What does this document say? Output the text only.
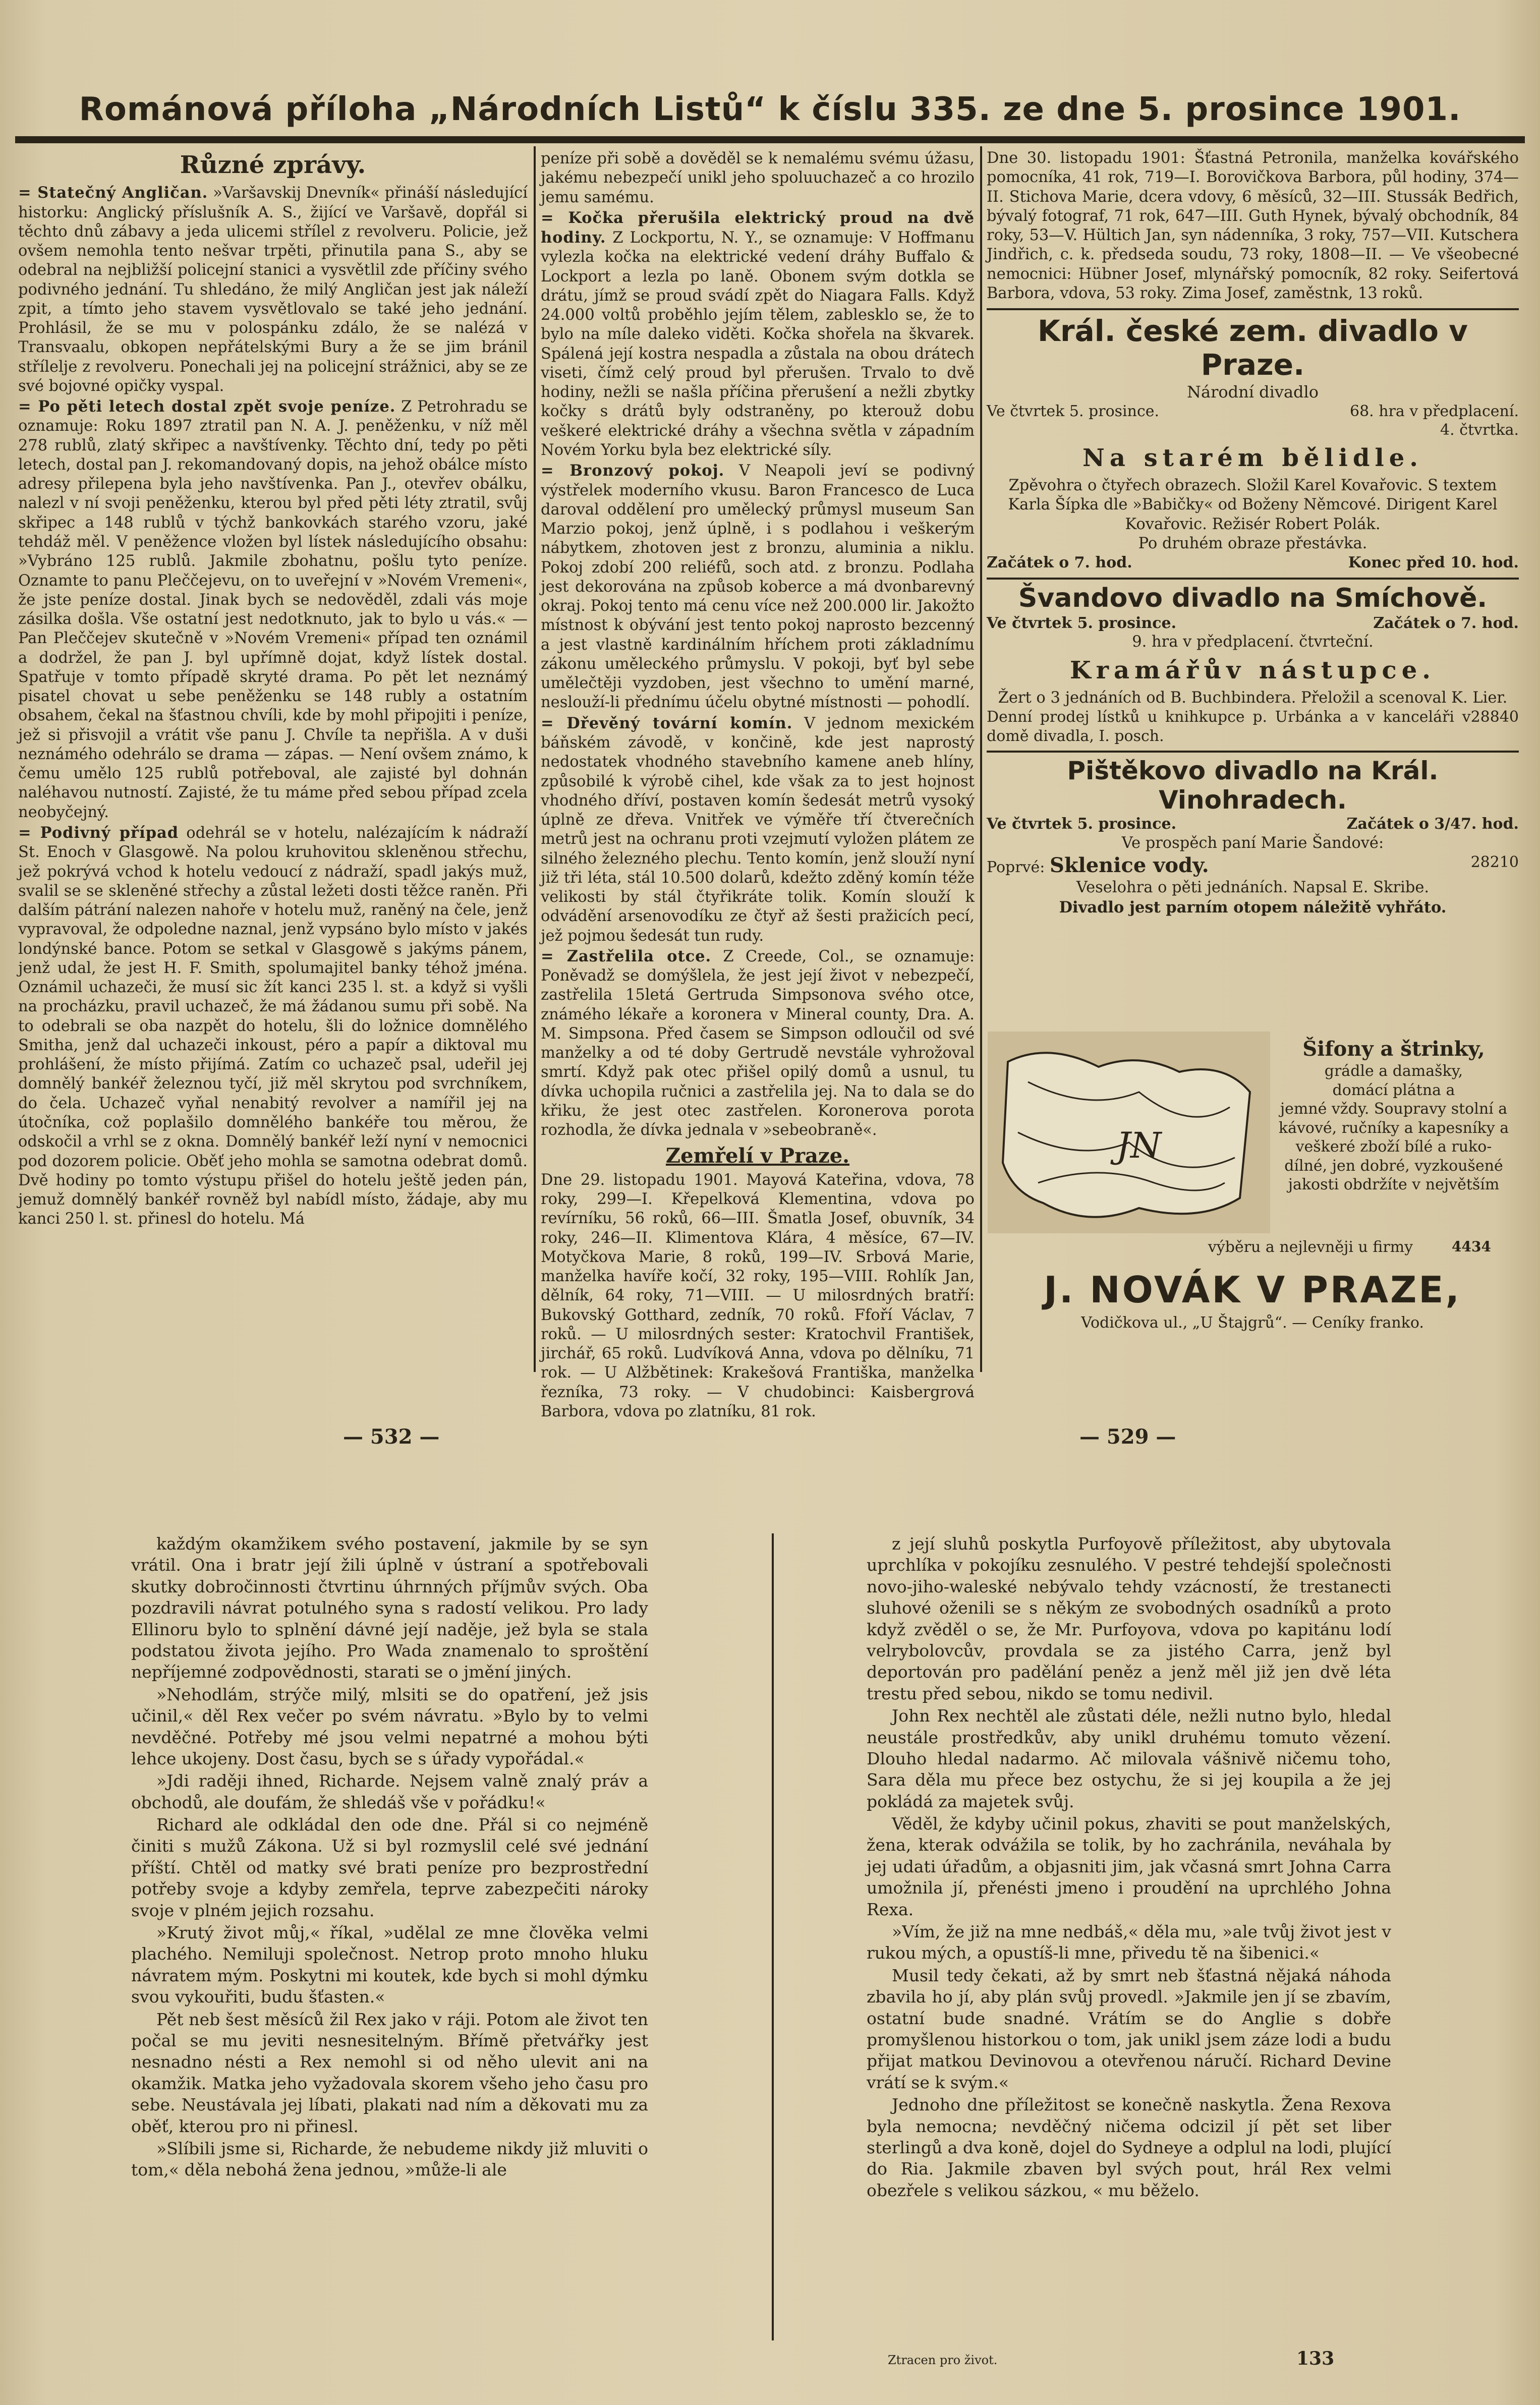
Románová příloha „Národních Listů“ k číslu 335. ze dne 5. prosince 1901.
Různé zprávy.

= Statečný Angličan. »Varšavskij Dnevník« přináší následující historku: Anglický příslušník A. S., žijící ve Varšavě, dopřál si těchto dnů zábavy a jeda ulicemi střílel z revolveru. Policie, jež ovšem nemohla tento nešvar trpěti, přinutila pana S., aby se odebral na nejbližší policejní stanici a vysvětlil zde příčiny svého podivného jednání. Tu shledáno, že milý Angličan jest jak náleží zpit, a tímto jeho stavem vysvětlovalo se také jeho jednání. Prohlásil, že se mu v polospánku zdálo, že se nalézá v Transvaalu, obkopen nepřátelskými Bury a že se jim bránil střílelje z revolveru. Ponechali jej na policejní strážnici, aby se ze své bojovné opičky vyspal.

= Po pěti letech dostal zpět svoje peníze. Z Petrohradu se oznamuje: Roku 1897 ztratil pan N. A. J. peněženku, v níž měl 278 rublů, zlatý skřipec a navštívenky. Těchto dní, tedy po pěti letech, dostal pan J. rekomandovaný dopis, na jehož obálce místo adresy přilepena byla jeho navštívenka. Pan J., otevřev obálku, nalezl v ní svoji peněženku, kterou byl před pěti léty ztratil, svůj skřipec a 148 rublů v týchž bankovkách starého vzoru, jaké tehdáž měl. V peněžence vložen byl lístek následujícího obsahu: »Vybráno 125 rublů. Jakmile zbohatnu, pošlu tyto peníze. Oznamte to panu Pleččejevu, on to uveřejní v »Novém Vremeni«, že jste peníze dostal. Jinak bych se nedověděl, zdali vás moje zásilka došla. Vše ostatní jest nedotknuto, jak to bylo u vás.« — Pan Pleččejev skutečně v »Novém Vremeni« případ ten oznámil a dodržel, že pan J. byl upřímně dojat, když lístek dostal. Spatřuje v tomto případě skryté drama. Po pět let neznámý pisatel chovat u sebe peněženku se 148 rubly a ostatním obsahem, čekal na šťastnou chvíli, kde by mohl připojiti i peníze, jež si přisvojil a vrátit vše panu J. Chvíle ta nepřišla. A v duši neznámého odehrálo se drama — zápas. — Není ovšem známo, k čemu umělo 125 rublů potřeboval, ale zajisté byl dohnán naléhavou nutností. Zajisté, že tu máme před sebou případ zcela neobyčejný.

= Podivný případ odehrál se v hotelu, nalézajícím k nádraží St. Enoch v Glasgowě. Na polou kruhovitou skleněnou střechu, jež pokrývá vchod k hotelu vedoucí z nádraží, spadl jakýs muž, svalil se se skleněné střechy a zůstal ležeti dosti těžce raněn. Při dalším pátrání nalezen nahoře v hotelu muž, raněný na čele, jenž vypravoval, že odpoledne naznal, jenž vypsáno bylo místo v jakés londýnské bance. Potom se setkal v Glasgowě s jakýms pánem, jenž udal, že jest H. F. Smith, spolumajitel banky téhož jména. Oznámil uchazeči, že musí sic žít kanci 235 l. st. a když si vyšli na procházku, pravil uchazeč, že má žádanou sumu při sobě. Na to odebrali se oba nazpět do hotelu, šli do ložnice domnělého Smitha, jenž dal uchazeči inkoust, péro a papír a diktoval mu prohlášení, že místo přijímá. Zatím co uchazeč psal, udeřil jej domnělý bankéř železnou tyčí, již měl skrytou pod svrchníkem, do čela. Uchazeč vyňal nenabitý revolver a namířil jej na útočníka, což poplašilo domnělého bankéře tou měrou, že odskočil a vrhl se z okna. Domnělý bankéř leží nyní v nemocnici pod dozorem policie. Oběť jeho mohla se samotna odebrat domů. Dvě hodiny po tomto výstupu přišel do hotelu ještě jeden pán, jemuž domnělý bankéř rovněž byl nabídl místo, žádaje, aby mu kanci 250 l. st. přinesl do hotelu. Má

peníze při sobě a dověděl se k nemalému svému úžasu, jakému nebezpečí unikl jeho spoluuchazeč a co hrozilo jemu samému.

= Kočka přerušila elektrický proud na dvě hodiny. Z Lockportu, N. Y., se oznamuje: V Hoffmanu vylezla kočka na elektrické vedení dráhy Buffalo & Lockport a lezla po laně. Obonem svým dotkla se drátu, jímž se proud svádí zpět do Niagara Falls. Když 24.000 voltů proběhlo jejím tělem, zablesklo se, že to bylo na míle daleko viděti. Kočka shořela na škvarek. Spálená její kostra nespadla a zůstala na obou drátech viseti, čímž celý proud byl přerušen. Trvalo to dvě hodiny, nežli se našla příčina přerušení a nežli zbytky kočky s drátů byly odstraněny, po kterouž dobu veškeré elektrické dráhy a všechna světla v západním Novém Yorku byla bez elektrické síly.

= Bronzový pokoj. V Neapoli jeví se podivný výstřelek moderního vkusu. Baron Francesco de Luca daroval oddělení pro umělecký průmysl museum San Marzio pokoj, jenž úplně, i s podlahou i veškerým nábytkem, zhotoven jest z bronzu, aluminia a niklu. Pokoj zdobí 200 reliéfů, soch atd. z bronzu. Podlaha jest dekorována na způsob koberce a má dvonbarevný okraj. Pokoj tento má cenu více než 200.000 lir. Jakožto místnost k obývání jest tento pokoj naprosto bezcenný a jest vlastně kardinálním hříchem proti základnímu zákonu uměleckého průmyslu. V pokoji, byť byl sebe umělečtěji vyzdoben, jest všechno to umění marné, neslouží-li přednímu účelu obytné místnosti — pohodlí.

= Dřevěný tovární komín. V jednom mexickém báňském závodě, v končině, kde jest naprostý nedostatek vhodného stavebního kamene aneb hlíny, způsobilé k výrobě cihel, kde však za to jest hojnost vhodného dříví, postaven komín šedesát metrů vysoký úplně ze dřeva. Vnitřek ve výměře tří čtverečních metrů jest na ochranu proti vzejmutí vyložen plátem ze silného železného plechu. Tento komín, jenž slouží nyní již tři léta, stál 10.500 dolarů, kdežto zděný komín téže velikosti by stál čtyřikráte tolik. Komín slouží k odvádění arsenovodíku ze čtyř až šesti pražicích pecí, jež pojmou šedesát tun rudy.

= Zastřelila otce. Z Creede, Col., se oznamuje: Poněvadž se domýšlela, že jest její život v nebezpečí, zastřelila 15letá Gertruda Simpsonova svého otce, známého lékaře a koronera v Mineral county, Dra. A. M. Simpsona. Před časem se Simpson odloučil od své manželky a od té doby Gertrudě nevstále vyhrožoval smrtí. Když pak otec přišel opilý domů a usnul, tu dívka uchopila ručnici a zastřelila jej. Na to dala se do křiku, že jest otec zastřelen. Koronerova porota rozhodla, že dívka jednala v »sebeobraně«.

Zemřelí v Praze.

Dne 29. listopadu 1901. Mayová Kateřina, vdova, 78 roky, 299—I. Křepelková Klementina, vdova po revírníku, 56 roků, 66—III. Šmatla Josef, obuvník, 34 roky, 246—II. Klimentova Klára, 4 měsíce, 67—IV. Motyčkova Marie, 8 roků, 199—IV. Srbová Marie, manželka havíře kočí, 32 roky, 195—VIII. Rohlík Jan, dělník, 64 roky, 71—VIII. — U milosrdných bratří: Bukovský Gotthard, zedník, 70 roků. Ffoří Václav, 7 roků. — U milosrdných sester: Kratochvil František, jirchář, 65 roků. Ludvíková Anna, vdova po dělníku, 71 rok. — U Alžbětinek: Krakešová Františka, manželka řezníka, 73 roky. — V chudobinci: Kaisbergrová Barbora, vdova po zlatníku, 81 rok.

Dne 30. listopadu 1901: Šťastná Petronila, manželka kovářského pomocníka, 41 rok, 719—I. Borovičkova Barbora, půl hodiny, 374—II. Stichova Marie, dcera vdovy, 6 měsíců, 32—III. Stussák Bedřich, bývalý fotograf, 71 rok, 647—III. Guth Hynek, bývalý obchodník, 84 roky, 53—V. Hültich Jan, syn nádenníka, 3 roky, 757—VII. Kutschera Jindřich, c. k. předseda soudu, 73 roky, 1808—II. — Ve všeobecné nemocnici: Hübner Josef, mlynářský pomocník, 82 roky. Seifertová Barbora, vdova, 53 roky. Zima Josef, zaměstnk, 13 roků.

Král. české zem. divadlo v Praze.
Národní divadlo
Ve čtvrtek 5. prosince.	68. hra v předplacení.
4. čtvrtka.
Na starém bělidle.
Zpěvohra o čtyřech obrazech. Složil Karel Kovařovic. S textem Karla Šípka dle »Babičky« od Boženy Němcové. Dirigent Karel Kovařovic. Režisér Robert Polák.
Po druhém obraze přestávka.
Začátek o 7. hod.	Konec před 10. hod.
Švandovo divadlo na Smíchově.
Ve čtvrtek 5. prosince.	Začátek o 7. hod.
9. hra v předplacení. čtvrteční.
Kramářův nástupce.
Žert o 3 jednáních od B. Buchbindera. Přeložil a scenoval K. Lier.
Denní prodej lístků u knihkupce p. Urbánka a v kanceláři v domě divadla, I. posch.
28840
Pištěkovo divadlo na Král. Vinohradech.
Ve čtvrtek 5. prosince.	Začátek o 3/47. hod.
Ve prospěch paní Marie Šandové:
Poprvé: Sklenice vody.	28210
Veselohra o pěti jednáních. Napsal E. Skribe.
Divadlo jest parním otopem náležitě vyhřáto.
JN
Šifony a štrinky,
grádle a damašky,
domácí plátna a
jemné vždy. Soupravy stolní a kávové, ručníky a kapesníky a veškeré zboží bílé a ruko-
dílné, jen dobré, vyzkoušené jakosti obdržíte v největším
výběru a nejlevněji u firmy	4434
J. NOVÁK V PRAZE,
Vodičkova ul., „U Štajgrů“. — Ceníky franko.
— 532 —	— 529 —

každým okamžikem svého postavení, jakmile by se syn vrátil. Ona i bratr její žili úplně v ústraní a spotřebovali skutky dobročinnosti čtvrtinu úhrnných příjmův svých. Oba pozdravili návrat potulného syna s radostí velikou. Pro lady Ellinoru bylo to splnění dávné její naděje, jež byla se stala podstatou života jejího. Pro Wada znamenalo to sproštění nepříjemné zodpovědnosti, starati se o jmění jiných.

»Nehodlám, strýče milý, mlsiti se do opatření, jež jsis učinil,« děl Rex večer po svém návratu. »Bylo by to velmi nevděčné. Potřeby mé jsou velmi nepatrné a mohou býti lehce ukojeny. Dost času, bych se s úřady vypořádal.«

»Jdi raději ihned, Richarde. Nejsem valně znalý práv a obchodů, ale doufám, že shledáš vše v pořádku!«

Richard ale odkládal den ode dne. Přál si co nejméně činiti s mužů Zákona. Už si byl rozmyslil celé své jednání příští. Chtěl od matky své brati peníze pro bezprostřední potřeby svoje a kdyby zemřela, teprve zabezpečiti nároky svoje v plném jejich rozsahu.

»Krutý život můj,« říkal, »udělal ze mne člověka velmi plachého. Nemiluji společnost. Netrop proto mnoho hluku návratem mým. Poskytni mi koutek, kde bych si mohl dýmku svou vykouřiti, budu šťasten.«

Pět neb šest měsíců žil Rex jako v ráji. Potom ale život ten počal se mu jeviti nesnesitelným. Břímě přetvářky jest nesnadno nésti a Rex nemohl si od něho ulevit ani na okamžik. Matka jeho vyžadovala skorem všeho jeho času pro sebe. Neustávala jej líbati, plakati nad ním a děkovati mu za oběť, kterou pro ni přinesl.

»Slíbili jsme si, Richarde, že nebudeme nikdy již mluviti o tom,« děla nebohá žena jednou, »může-li ale

z její sluhů poskytla Purfoyově příležitost, aby ubytovala uprchlíka v pokojíku zesnulého. V pestré tehdejší společnosti novo-jiho-waleské nebývalo tehdy vzácností, že trestanecti sluhové oženili se s někým ze svobodných osadníků a proto když zvěděl o se, že Mr. Purfoyova, vdova po kapitánu lodí velrybolovcův, provdala se za jistého Carra, jenž byl deportován pro padělání peněz a jenž měl již jen dvě léta trestu před sebou, nikdo se tomu nedivil.

John Rex nechtěl ale zůstati déle, nežli nutno bylo, hledal neustále prostředkův, aby unikl druhému tomuto vězení. Dlouho hledal nadarmo. Ač milovala vášnivě ničemu toho, Sara děla mu přece bez ostychu, že si jej koupila a že jej pokládá za majetek svůj.

Věděl, že kdyby učinil pokus, zhaviti se pout manželských, žena, kterak odvážila se tolik, by ho zachránila, neváhala by jej udati úřadům, a objasniti jim, jak včasná smrt Johna Carra umožnila jí, přenésti jmeno i proudění na uprchlého Johna Rexa.

»Vím, že již na mne nedbáš,« děla mu, »ale tvůj život jest v rukou mých, a opustíš-li mne, přivedu tě na šibenici.«

Musil tedy čekati, až by smrt neb šťastná nějaká náhoda zbavila ho jí, aby plán svůj provedl. »Jakmile jen jí se zbavím, ostatní bude snadné. Vrátím se do Anglie s dobře promyšlenou historkou o tom, jak unikl jsem záze lodi a budu přijat matkou Devinovou a otevřenou náručí. Richard Devine vrátí se k svým.«

Jednoho dne příležitost se konečně naskytla. Žena Rexova byla nemocna; nevděčný ničema odcizil jí pět set liber sterlingů a dva koně, dojel do Sydneye a odplul na lodi, plující do Ria. Jakmile zbaven byl svých pout, hrál Rex velmi obezřele s velikou sázkou, « mu běželo.

Ztracen pro život.	133
